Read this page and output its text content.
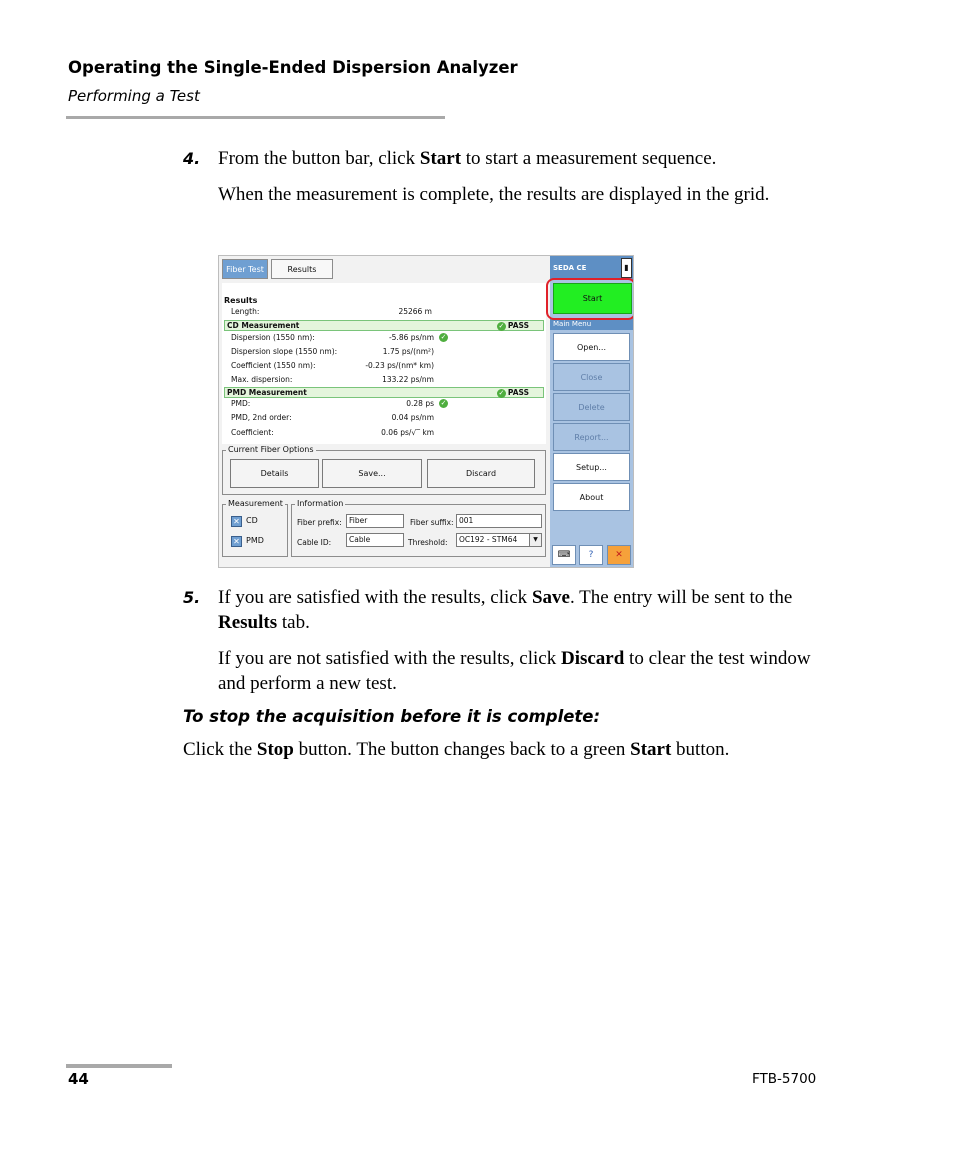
Operating the Single-Ended Dispersion Analyzer
Performing a Test
4. From the button bar, click Start to start a measurement sequence.
When the measurement is complete, the results are displayed in the grid.
Fiber Test	Results
Results
Length:	25266 m
CD Measurement	✓ PASS
Dispersion (1550 nm):	-5.86 ps/nm ✓
Dispersion slope (1550 nm):	1.75 ps/(nm²)
Coefficient (1550 nm):	-0.23 ps/(nm* km)
Max. dispersion:	133.22 ps/nm
PMD Measurement	✓ PASS
PMD:	0.28 ps ✓
PMD, 2nd order:	0.04 ps/nm
Coefficient:	0.06 ps/√‾ km
Current Fiber Options
Details	Save...	Discard
Measurement
✕ CD
✕ PMD
Information
Fiber prefix: Fiber	Fiber suffix: 001
Cable ID:	Cable	Threshold:	OC192 - STM64	▼
SEDA CE	▮
Start
Main Menu
Open...
Close
Delete
Report...
Setup...
About
⌨	?	✕
5. If you are satisfied with the results, click Save. The entry will be sent to the Results tab.
If you are not satisfied with the results, click Discard to clear the test window and perform a new test.
To stop the acquisition before it is complete:
Click the Stop button. The button changes back to a green Start button.
44	FTB-5700
